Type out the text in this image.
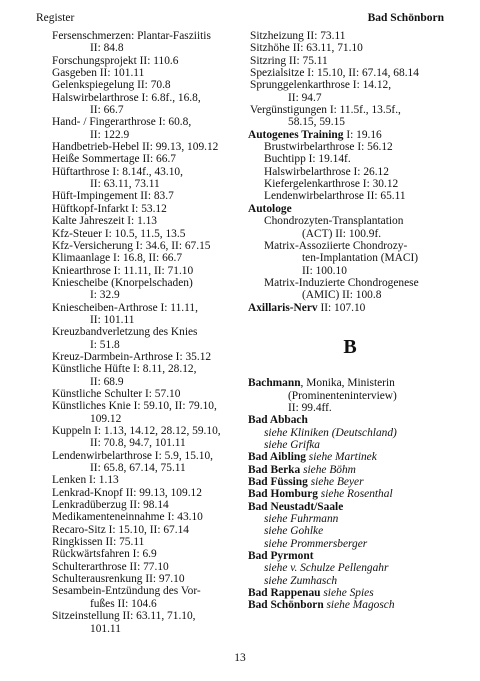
Register	Bad Schönborn
Fersenschmerzen: Plantar-Fasziitis
II: 84.8
Forschungsprojekt II: 110.6
Gasgeben II: 101.11
Gelenkspiegelung II: 70.8
Halswirbelarthrose I: 6.8f., 16.8,
II: 66.7
Hand- / Fingerarthrose I: 60.8,
II: 122.9
Handbetrieb-Hebel II: 99.13, 109.12
Heiße Sommertage II: 66.7
Hüftarthrose I: 8.14f., 43.10,
II: 63.11, 73.11
Hüft-Impingement II: 83.7
Hüftkopf-Infarkt I: 53.12
Kalte Jahreszeit I: 1.13
Kfz-Steuer I: 10.5, 11.5, 13.5
Kfz-Versicherung I: 34.6, II: 67.15
Klimaanlage I: 16.8, II: 66.7
Kniearthrose I: 11.11, II: 71.10
Kniescheibe (Knorpelschaden)
I: 32.9
Kniescheiben-Arthrose I: 11.11,
II: 101.11
Kreuzbandverletzung des Knies
I: 51.8
Kreuz-Darmbein-Arthrose I: 35.12
Künstliche Hüfte I: 8.11, 28.12,
II: 68.9
Künstliche Schulter I: 57.10
Künstliches Knie I: 59.10, II: 79.10,
109.12
Kuppeln I: 1.13, 14.12, 28.12, 59.10,
II: 70.8, 94.7, 101.11
Lendenwirbelarthrose I: 5.9, 15.10,
II: 65.8, 67.14, 75.11
Lenken I: 1.13
Lenkrad-Knopf II: 99.13, 109.12
Lenkradüberzug II: 98.14
Medikamenteneinnahme I: 43.10
Recaro-Sitz I: 15.10, II: 67.14
Ringkissen II: 75.11
Rückwärtsfahren I: 6.9
Schulterarthrose II: 77.10
Schulterausrenkung II: 97.10
Sesambein-Entzündung des Vor-
fußes II: 104.6
Sitzeinstellung II: 63.11, 71.10,
101.11
Sitzheizung II: 73.11
Sitzhöhe II: 63.11, 71.10
Sitzring II: 75.11
Spezialsitze I: 15.10, II: 67.14, 68.14
Sprunggelenkarthrose I: 14.12,
II: 94.7
Vergünstigungen I: 11.5f., 13.5f.,
58.15, 59.15
Autogenes Training I: 19.16
Brustwirbelarthrose I: 56.12
Buchtipp I: 19.14f.
Halswirbelarthrose I: 26.12
Kiefergelenkarthrose I: 30.12
Lendenwirbelarthrose II: 65.11
Autologe
Chondrozyten-Transplantation
(ACT) II: 100.9f.
Matrix-Assoziierte Chondrozy-
ten-Implantation (MACI)
II: 100.10
Matrix-Induzierte Chondrogenese
(AMIC) II: 100.8
Axillaris-Nerv II: 107.10
B
Bachmann, Monika, Ministerin
(Prominenteninterview)
II: 99.4ff.
Bad Abbach
siehe Kliniken (Deutschland)
siehe Grifka
Bad Aibling siehe Martinek
Bad Berka siehe Böhm
Bad Füssing siehe Beyer
Bad Homburg siehe Rosenthal
Bad Neustadt/Saale
siehe Fuhrmann
siehe Gohlke
siehe Prommersberger
Bad Pyrmont
siehe v. Schulze Pellengahr
siehe Zumhasch
Bad Rappenau siehe Spies
Bad Schönborn siehe Magosch
13
